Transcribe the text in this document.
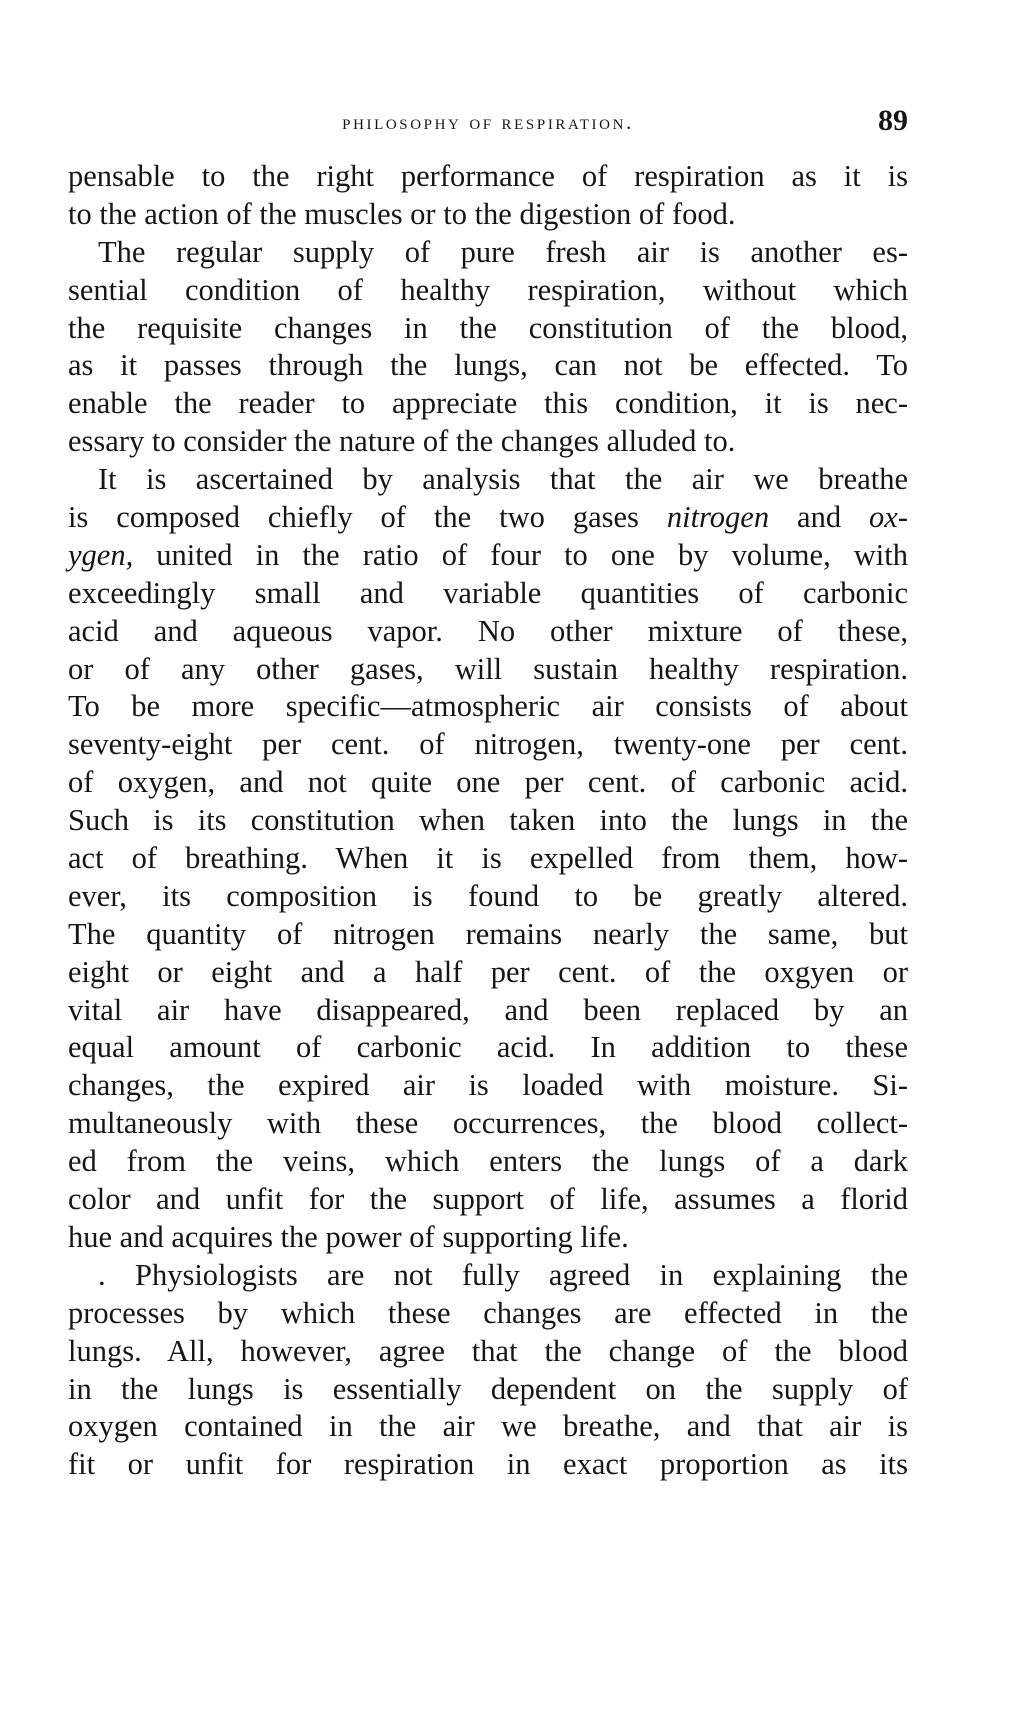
philosophy of respiration.	89
pensable to the right performance of respiration as it is
to the action of the muscles or to the digestion of food.
The regular supply of pure fresh air is another es-
sential condition of healthy respiration, without which
the requisite changes in the constitution of the blood,
as it passes through the lungs, can not be effected. To
enable the reader to appreciate this condition, it is nec-
essary to consider the nature of the changes alluded to.
It is ascertained by analysis that the air we breathe
is composed chiefly of the two gases nitrogen and ox-
ygen, united in the ratio of four to one by volume, with
exceedingly small and variable quantities of carbonic
acid and aqueous vapor. No other mixture of these,
or of any other gases, will sustain healthy respiration.
To be more specific—atmospheric air consists of about
seventy-eight per cent. of nitrogen, twenty-one per cent.
of oxygen, and not quite one per cent. of carbonic acid.
Such is its constitution when taken into the lungs in the
act of breathing. When it is expelled from them, how-
ever, its composition is found to be greatly altered.
The quantity of nitrogen remains nearly the same, but
eight or eight and a half per cent. of the oxgyen or
vital air have disappeared, and been replaced by an
equal amount of carbonic acid. In addition to these
changes, the expired air is loaded with moisture. Si-
multaneously with these occurrences, the blood collect-
ed from the veins, which enters the lungs of a dark
color and unfit for the support of life, assumes a florid
hue and acquires the power of supporting life.
. Physiologists are not fully agreed in explaining the
processes by which these changes are effected in the
lungs. All, however, agree that the change of the blood
in the lungs is essentially dependent on the supply of
oxygen contained in the air we breathe, and that air is
fit or unfit for respiration in exact proportion as its
